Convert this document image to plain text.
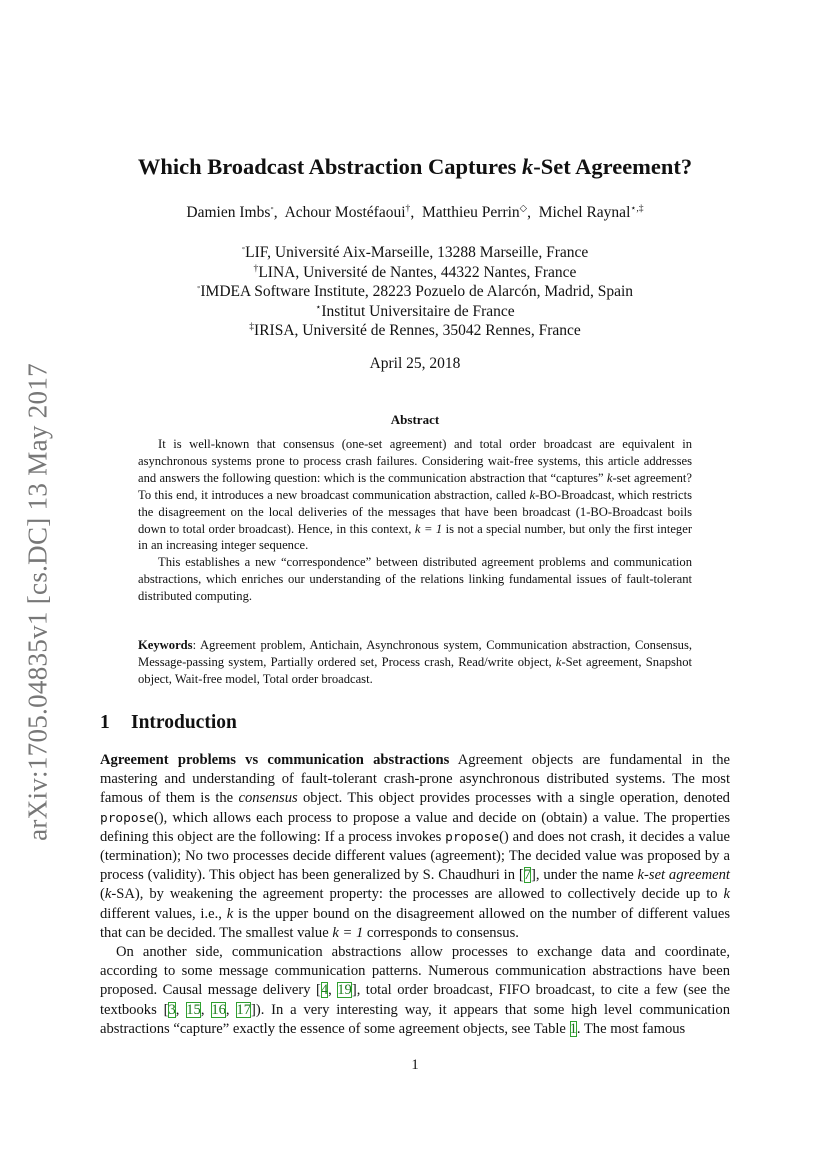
arXiv:1705.04835v1 [cs.DC] 13 May 2017
Which Broadcast Abstraction Captures k-Set Agreement?
Damien Imbs◦,  Achour Mostéfaoui†,  Matthieu Perrin◇,  Michel Raynal⋆,‡
◦LIF, Université Aix-Marseille, 13288 Marseille, France
†LINA, Université de Nantes, 44322 Nantes, France
◦IMDEA Software Institute, 28223 Pozuelo de Alarcón, Madrid, Spain
⋆Institut Universitaire de France
‡IRISA, Université de Rennes, 35042 Rennes, France
April 25, 2018
Abstract

It is well-known that consensus (one-set agreement) and total order broadcast are equivalent in asynchronous systems prone to process crash failures. Considering wait-free systems, this article addresses and answers the following question: which is the communication abstraction that “captures” k-set agreement? To this end, it introduces a new broadcast communication abstraction, called k-BO-Broadcast, which restricts the disagreement on the local deliveries of the messages that have been broadcast (1-BO-Broadcast boils down to total order broadcast). Hence, in this context, k = 1 is not a special number, but only the first integer in an increasing integer sequence.

This establishes a new “correspondence” between distributed agreement problems and communication abstractions, which enriches our understanding of the relations linking fundamental issues of fault-tolerant distributed computing.

Keywords: Agreement problem, Antichain, Asynchronous system, Communication abstraction, Consensus, Message-passing system, Partially ordered set, Process crash, Read/write object, k-Set agreement, Snapshot object, Wait-free model, Total order broadcast.
1 Introduction

Agreement problems vs communication abstractions Agreement objects are fundamental in the mastering and understanding of fault-tolerant crash-prone asynchronous distributed systems. The most famous of them is the consensus object. This object provides processes with a single operation, denoted propose(), which allows each process to propose a value and decide on (obtain) a value. The properties defining this object are the following: If a process invokes propose() and does not crash, it decides a value (termination); No two processes decide different values (agreement); The decided value was proposed by a process (validity). This object has been generalized by S. Chaudhuri in [7], under the name k-set agreement (k-SA), by weakening the agreement property: the processes are allowed to collectively decide up to k different values, i.e., k is the upper bound on the disagreement allowed on the number of different values that can be decided. The smallest value k = 1 corresponds to consensus.

On another side, communication abstractions allow processes to exchange data and coordinate, according to some message communication patterns. Numerous communication abstractions have been proposed. Causal message delivery [4, 19], total order broadcast, FIFO broadcast, to cite a few (see the textbooks [3, 15, 16, 17]). In a very interesting way, it appears that some high level communication abstractions “capture” exactly the essence of some agreement objects, see Table 1. The most famous

1
